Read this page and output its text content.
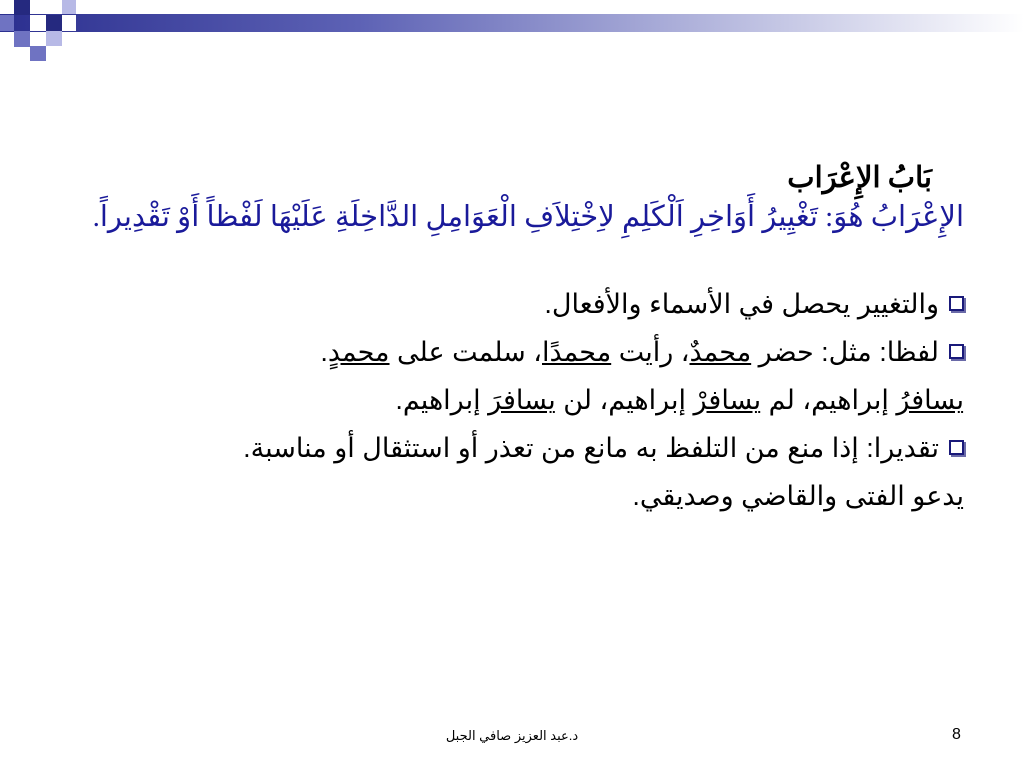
بَابُ الإِعْرَاب
الإِعْرَابُ هُوَ: تَغْيِيرُ أَوَاخِرِ اَلْكَلِمِ لاِخْتِلاَفِ الْعَوَامِلِ الدَّاخِلَةِ عَلَيْهَا لَفْظاً أَوْ تَقْدِيراً.
والتغيير يحصل في الأسماء والأفعال.
لفظا: مثل: حضر محمدٌ، رأيت محمدًا، سلمت على محمدٍ.
يسافرُ إبراهيم، لم يسافرْ إبراهيم، لن يسافرَ إبراهيم.
تقديرا: إذا منع من التلفظ به مانع من تعذر أو استثقال أو مناسبة.
يدعو الفتى والقاضي وصديقي.
د.عبد العزيز صافي الجبل	8
